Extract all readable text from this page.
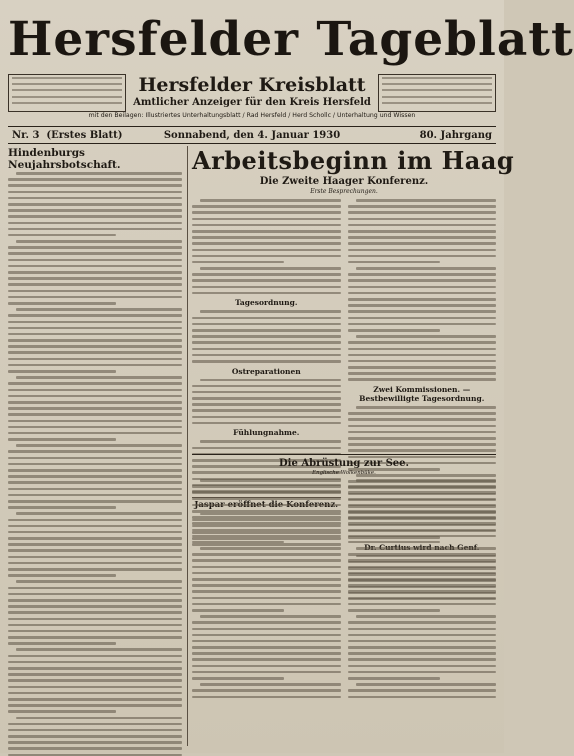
Hersfelder Tageblatt
Hersfelder Kreisblatt
Amtlicher Anzeiger für den Kreis Hersfeld
mit den Beilagen: Illustriertes Unterhaltungsblatt / Rad Hersfeld / Herd Schollc / Unterhaltung und Wissen
Nr. 3 (Erstes Blatt)	Sonnabend, den 4. Januar 1930	80. Jahrgang
Hindenburgs Neujahrsbotschaft.	Arbeitsbeginn im Haag
Die Zweite Haager Konferenz.
Erste Besprechungen.
Tagesordnung.
Ostreparationen
Fühlungnahme.
Zwei Kommissionen. — Bestbewilligte Tagesordnung.
Die Abrüstung zur See.
Englische Wolkenbüke.
